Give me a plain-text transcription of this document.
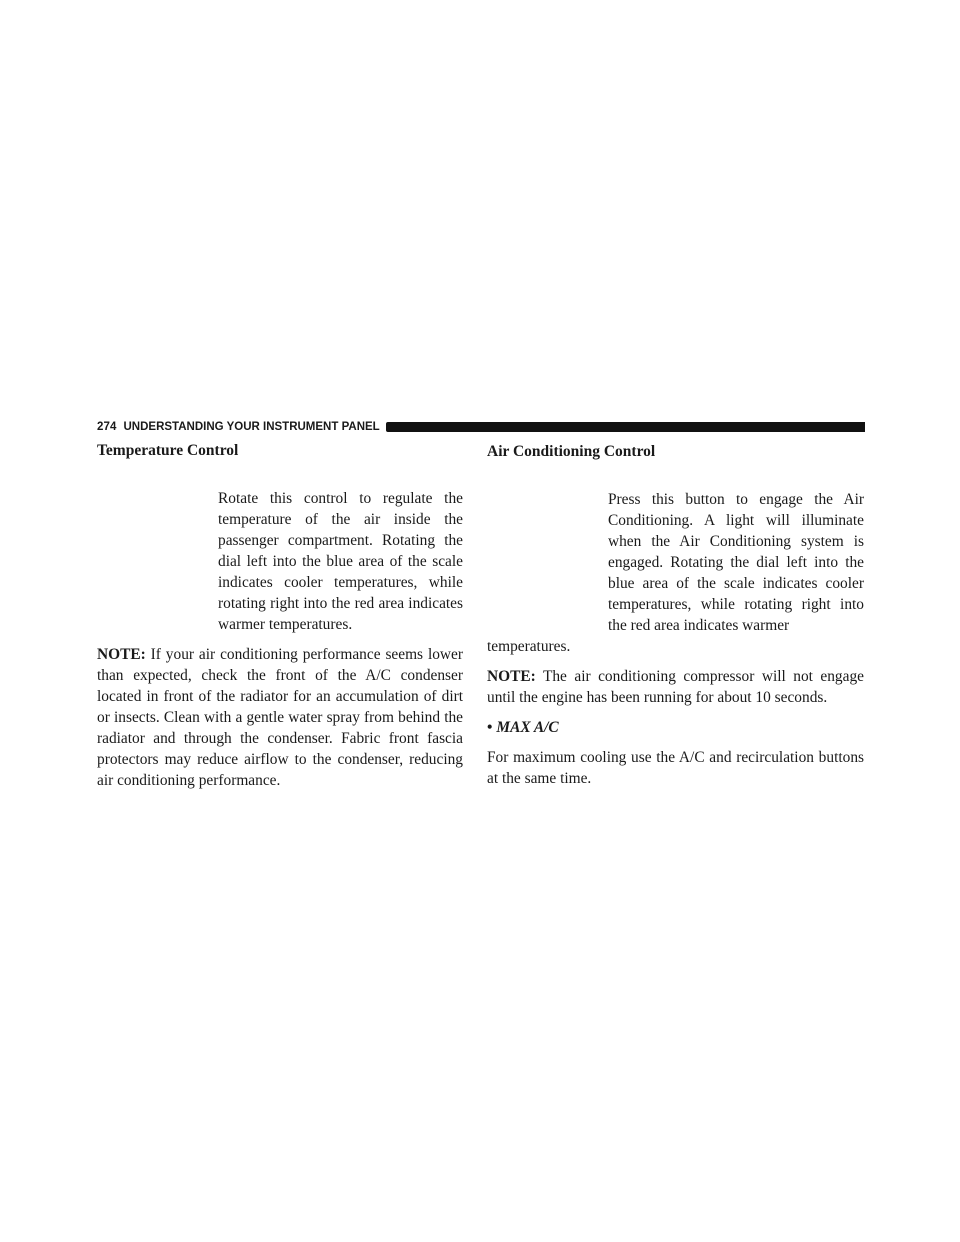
274 UNDERSTANDING YOUR INSTRUMENT PANEL
Temperature Control

Rotate this control to regulate the temperature of the air inside the passenger compartment. Rotating the dial left into the blue area of the scale indicates cooler temperatures, while rotating right into the red area indicates warmer temperatures.

NOTE: If your air conditioning performance seems lower than expected, check the front of the A/C condenser located in front of the radiator for an accumulation of dirt or insects. Clean with a gentle water spray from behind the radiator and through the condenser. Fabric front fascia protectors may reduce airflow to the condenser, reducing air conditioning performance.

Air Conditioning Control

Press this button to engage the Air Conditioning. A light will illuminate when the Air Conditioning system is engaged. Rotating the dial left into the blue area of the scale indicates cooler temperatures, while rotating right into the red area indicates warmer

temperatures.

NOTE: The air conditioning compressor will not engage until the engine has been running for about 10 seconds.

• MAX A/C

For maximum cooling use the A/C and recirculation buttons at the same time.
